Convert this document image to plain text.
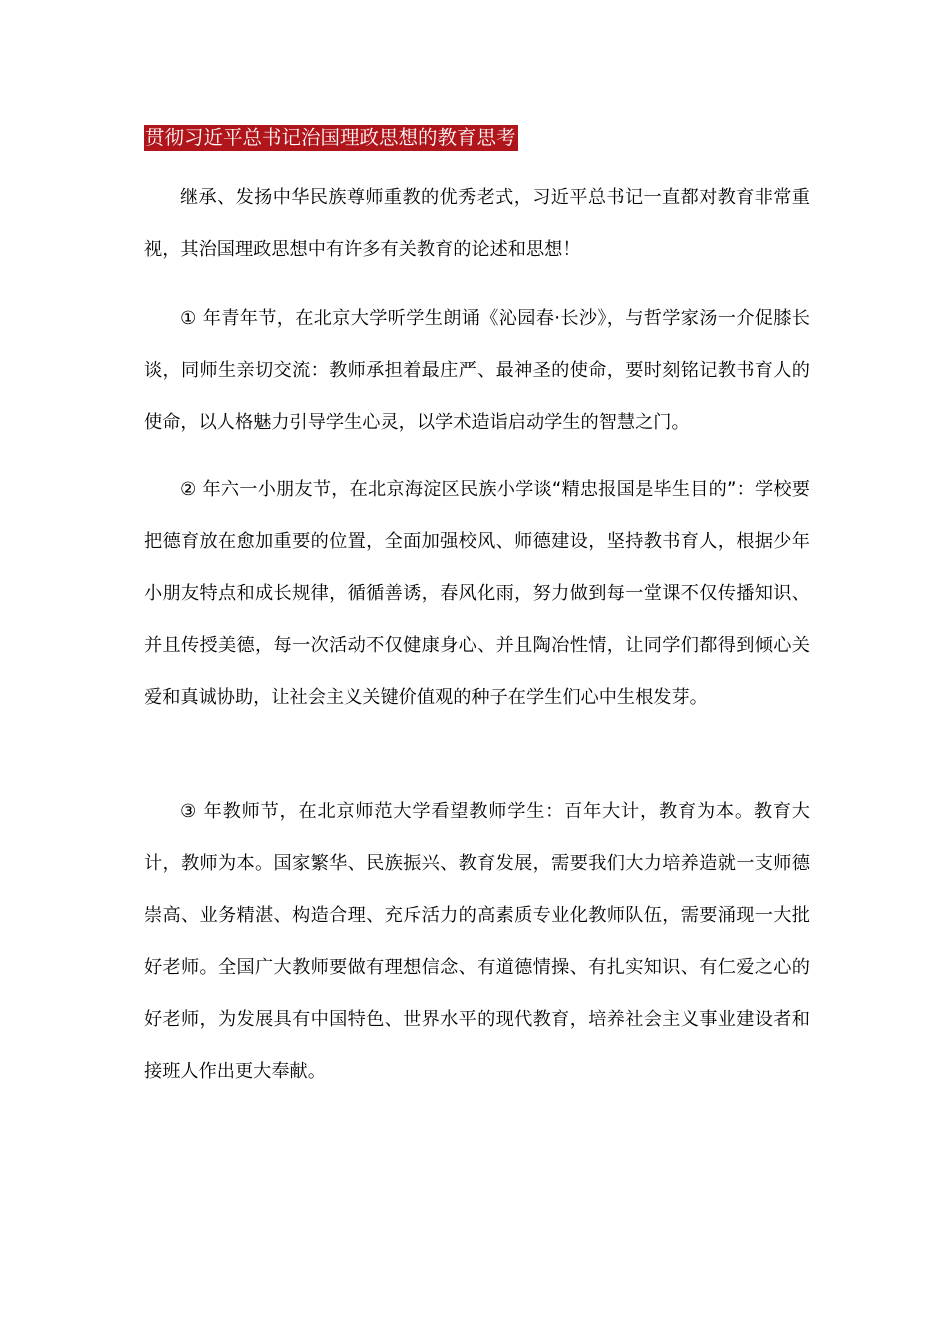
贯彻习近平总书记治国理政思想的教育思考

继承、发扬中华民族尊师重教的优秀老式，习近平总书记一直都对教育非常重视，其治国理政思想中有许多有关教育的论述和思想！

① 年青年节，在北京大学听学生朗诵《沁园春·长沙》，与哲学家汤一介促膝长谈，同师生亲切交流：教师承担着最庄严、最神圣的使命，要时刻铭记教书育人的使命，以人格魅力引导学生心灵，以学术造诣启动学生的智慧之门。

② 年六一小朋友节，在北京海淀区民族小学谈“精忠报国是毕生目的”：学校要把德育放在愈加重要的位置，全面加强校风、师德建设，坚持教书育人，根据少年小朋友特点和成长规律，循循善诱，春风化雨，努力做到每一堂课不仅传播知识、并且传授美德，每一次活动不仅健康身心、并且陶冶性情，让同学们都得到倾心关爱和真诚协助，让社会主义关键价值观的种子在学生们心中生根发芽。

③ 年教师节，在北京师范大学看望教师学生：百年大计，教育为本。教育大计，教师为本。国家繁华、民族振兴、教育发展，需要我们大力培养造就一支师德崇高、业务精湛、构造合理、充斥活力的高素质专业化教师队伍，需要涌现一大批好老师。全国广大教师要做有理想信念、有道德情操、有扎实知识、有仁爱之心的好老师，为发展具有中国特色、世界水平的现代教育，培养社会主义事业建设者和接班人作出更大奉献。
